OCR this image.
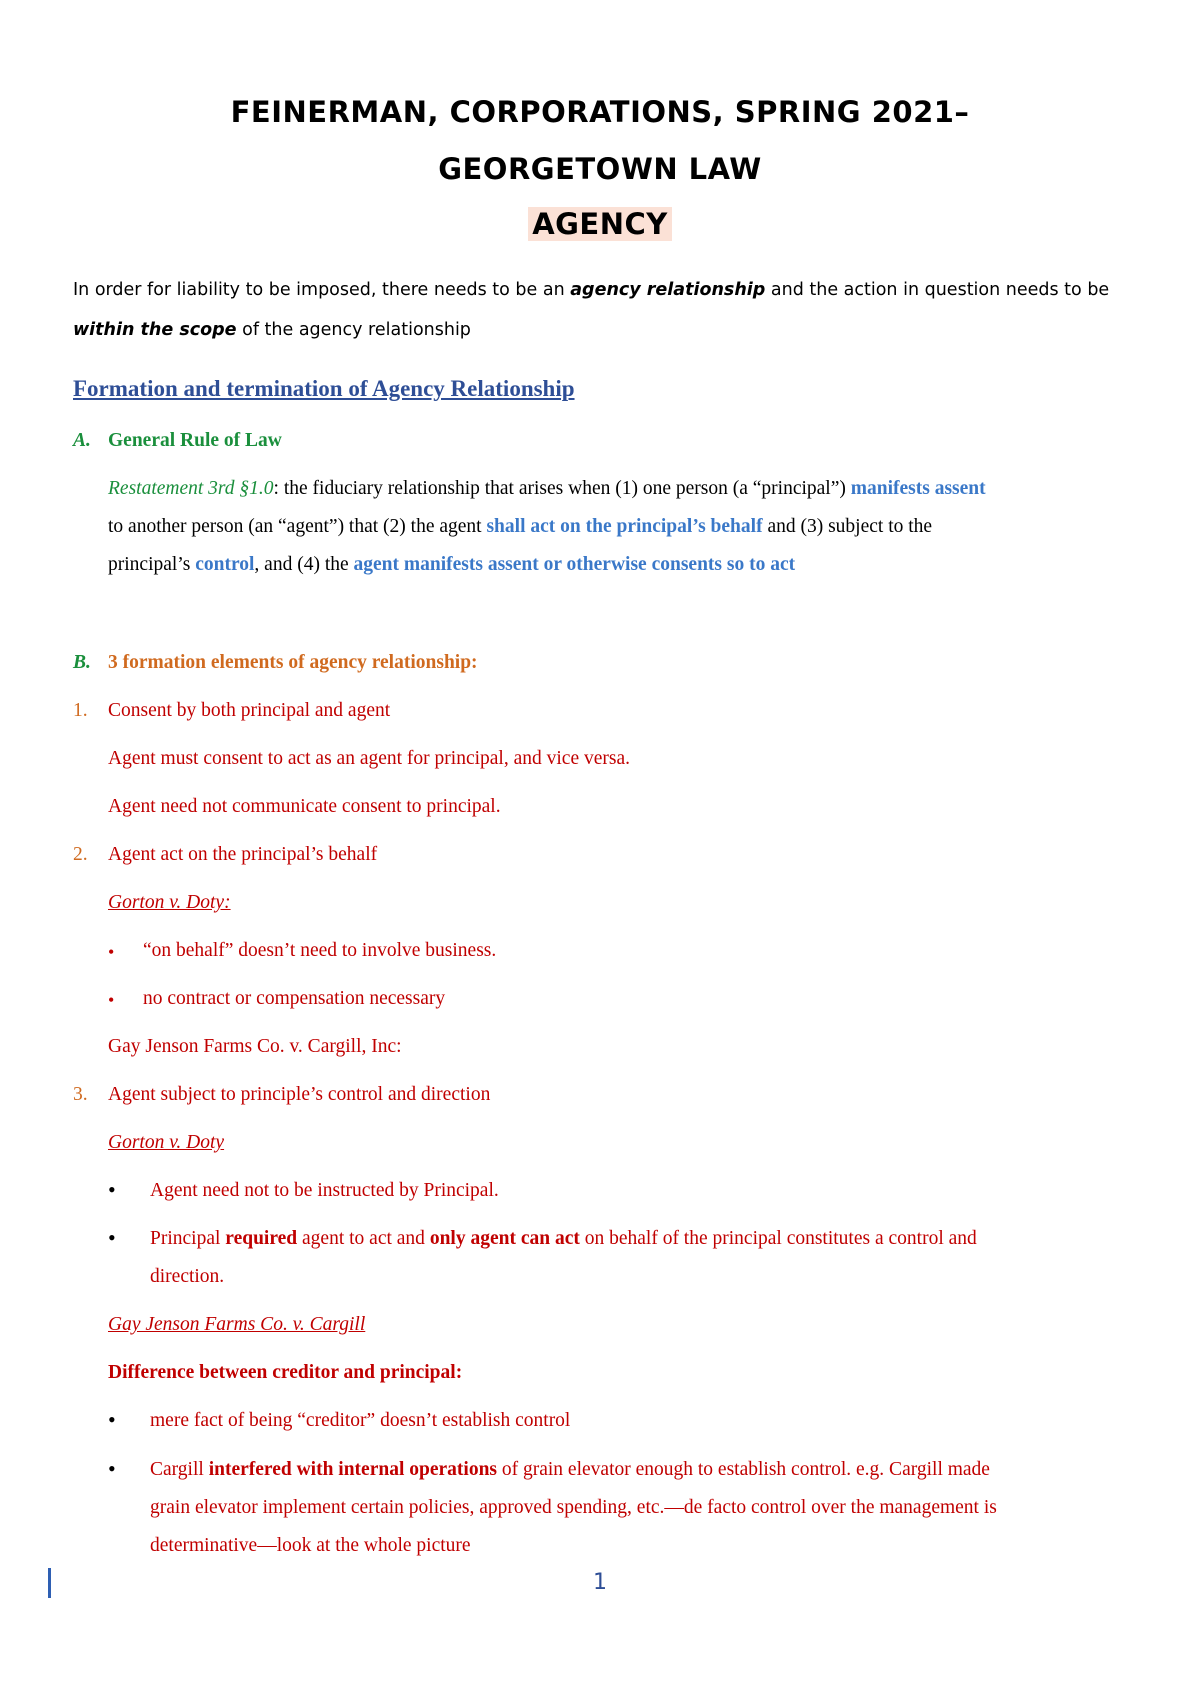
FEINERMAN, CORPORATIONS, SPRING 2021–
GEORGETOWN LAW
AGENCY
In order for liability to be imposed, there needs to be an agency relationship and the action in question needs to be
within the scope of the agency relationship
Formation and termination of Agency Relationship
A. General Rule of Law
Restatement 3rd §1.0: the fiduciary relationship that arises when (1) one person (a “principal”) manifests assent
to another person (an “agent”) that (2) the agent shall act on the principal’s behalf and (3) subject to the
principal’s control, and (4) the agent manifests assent or otherwise consents so to act
B. 3 formation elements of agency relationship:
1. Consent by both principal and agent
Agent must consent to act as an agent for principal, and vice versa.
Agent need not communicate consent to principal.
2. Agent act on the principal’s behalf
Gorton v. Doty:
• “on behalf” doesn’t need to involve business.
• no contract or compensation necessary
Gay Jenson Farms Co. v. Cargill, Inc:
3. Agent subject to principle’s control and direction
Gorton v. Doty
• Agent need not to be instructed by Principal.
• Principal required agent to act and only agent can act on behalf of the principal constitutes a control and
direction.
Gay Jenson Farms Co. v. Cargill
Difference between creditor and principal:
• mere fact of being “creditor” doesn’t establish control
• Cargill interfered with internal operations of grain elevator enough to establish control. e.g. Cargill made
grain elevator implement certain policies, approved spending, etc.—de facto control over the management is
determinative—look at the whole picture
1
